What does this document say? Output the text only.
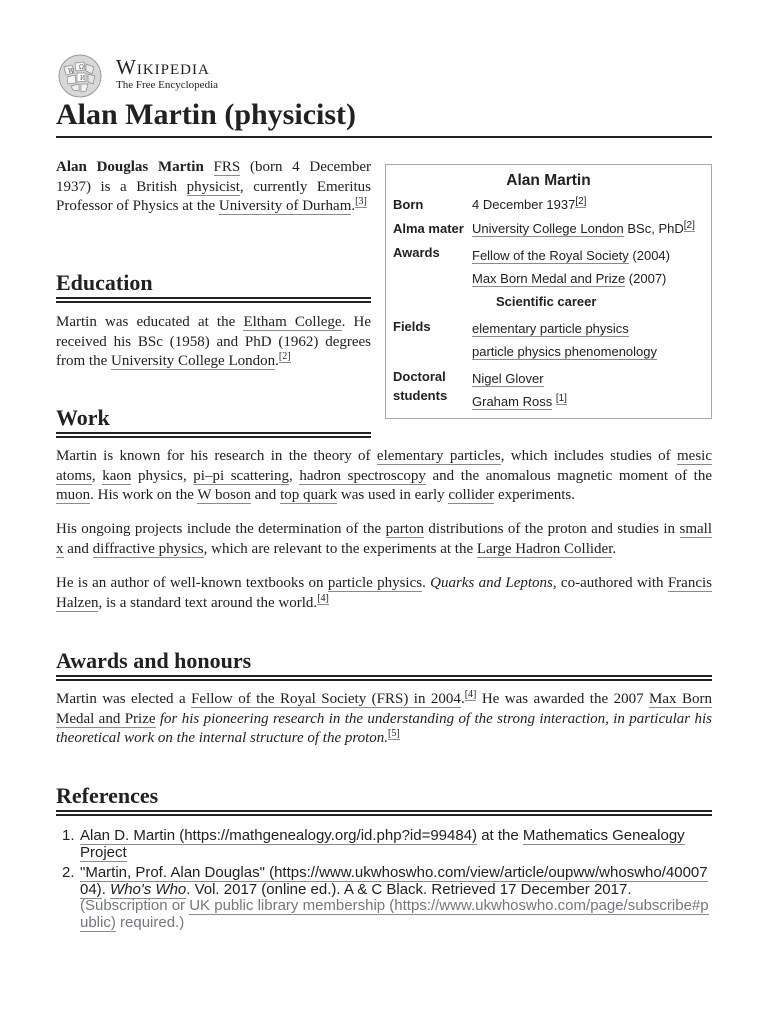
W
Ω
И Wikipedia
The Free Encyclopedia
Alan Martin (physicist)

Alan Douglas Martin FRS (born 4 December 1937) is a British physicist, currently Emeritus Professor of Physics at the University of Durham.[3]

Alan Martin
Born	4 December 1937[2]
Alma mater University College London BSc, PhD[2]
Awards Fellow of the Royal Society (2004)
Max Born Medal and Prize (2007)
Scientific career
Fields	elementary particle physics
particle physics phenomenology
Doctoral
students
Nigel Glover
Graham Ross [1]
Education

Martin was educated at the Eltham College. He received his BSc (1958) and PhD (1962) degrees from the University College London.[2]

Work

Martin is known for his research in the theory of elementary particles, which includes studies of mesic atoms, kaon physics, pi–pi scattering, hadron spectroscopy and the anomalous magnetic moment of the muon. His work on the W boson and top quark was used in early collider experiments.

His ongoing projects include the determination of the parton distributions of the proton and studies in small x and diffractive physics, which are relevant to the experiments at the Large Hadron Collider.

He is an author of well-known textbooks on particle physics. Quarks and Leptons, co-authored with Francis Halzen, is a standard text around the world.[4]

Awards and honours

Martin was elected a Fellow of the Royal Society (FRS) in 2004.[4] He was awarded the 2007 Max Born Medal and Prize for his pioneering research in the understanding of the strong interaction, in particular his theoretical work on the internal structure of the proton.[5]

References
1. Alan D. Martin (https://mathgenealogy.org/id.php?id=99484) at the Mathematics Genealogy Project
2. "Martin, Prof. Alan Douglas" (https://www.ukwhoswho.com/view/article/oupww/whoswho/4000704). Who's Who. Vol. 2017 (online ed.). A & C Black. Retrieved 17 December 2017.
(Subscription or UK public library membership (https://www.ukwhoswho.com/page/subscribe#public) required.)
